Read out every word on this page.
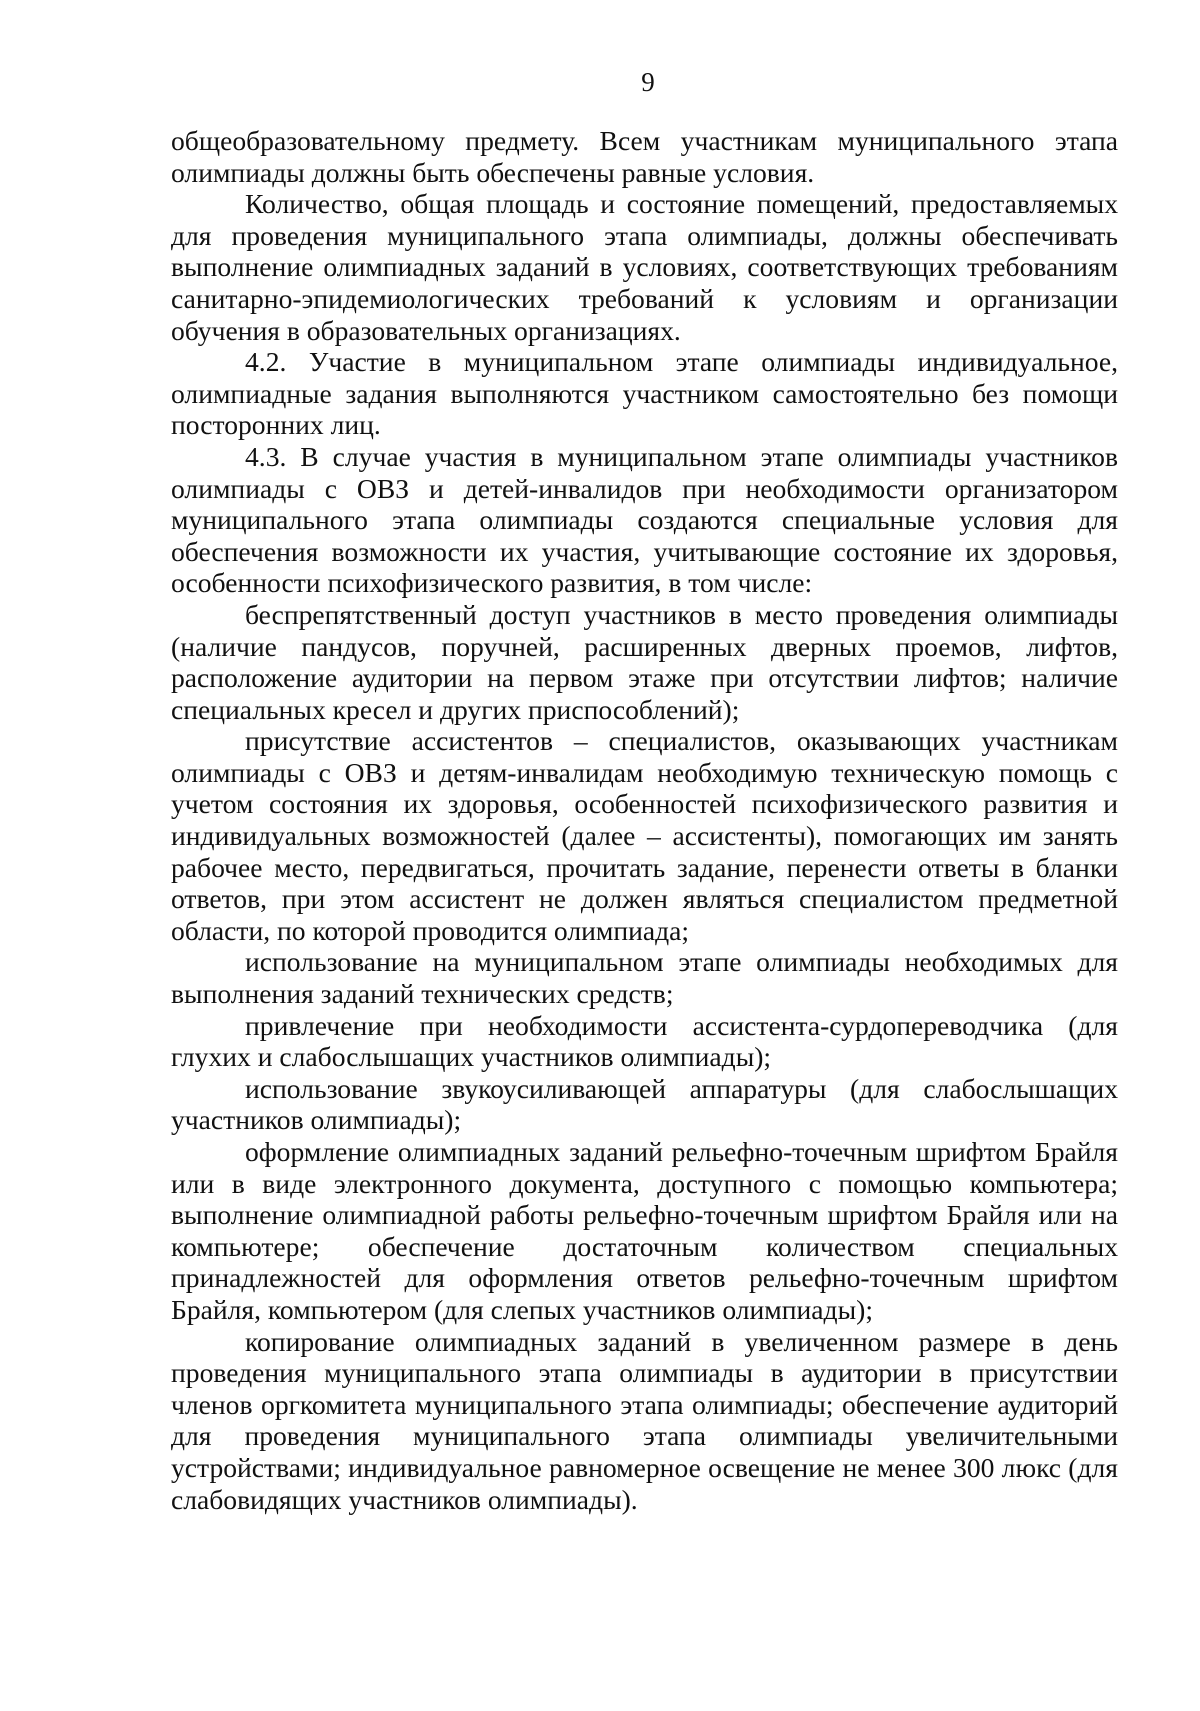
9

общеобразовательному предмету. Всем участникам муниципального этапа олимпиады должны быть обеспечены равные условия.

Количество, общая площадь и состояние помещений, предоставляемых для проведения муниципального этапа олимпиады, должны обеспечивать выполнение олимпиадных заданий в условиях, соответствующих требованиям санитарно-эпидемиологических требований к условиям и организации обучения в образовательных организациях.

4.2. Участие в муниципальном этапе олимпиады индивидуальное, олимпиадные задания выполняются участником самостоятельно без помощи посторонних лиц.

4.3. В случае участия в муниципальном этапе олимпиады участников олимпиады с ОВЗ и детей-инвалидов при необходимости организатором муниципального этапа олимпиады создаются специальные условия для обеспечения возможности их участия, учитывающие состояние их здоровья, особенности психофизического развития, в том числе:

беспрепятственный доступ участников в место проведения олимпиады (наличие пандусов, поручней, расширенных дверных проемов, лифтов, расположение аудитории на первом этаже при отсутствии лифтов; наличие специальных кресел и других приспособлений);

присутствие ассистентов – специалистов, оказывающих участникам олимпиады с ОВЗ и детям-инвалидам необходимую техническую помощь с учетом состояния их здоровья, особенностей психофизического развития и индивидуальных возможностей (далее – ассистенты), помогающих им занять рабочее место, передвигаться, прочитать задание, перенести ответы в бланки ответов, при этом ассистент не должен являться специалистом предметной области, по которой проводится олимпиада;

использование на муниципальном этапе олимпиады необходимых для выполнения заданий технических средств;

привлечение при необходимости ассистента-сурдопереводчика (для глухих и слабослышащих участников олимпиады);

использование звукоусиливающей аппаратуры (для слабослышащих участников олимпиады);

оформление олимпиадных заданий рельефно-точечным шрифтом Брайля или в виде электронного документа, доступного с помощью компьютера; выполнение олимпиадной работы рельефно-точечным шрифтом Брайля или на компьютере; обеспечение достаточным количеством специальных принадлежностей для оформления ответов рельефно-точечным шрифтом Брайля, компьютером (для слепых участников олимпиады);

копирование олимпиадных заданий в увеличенном размере в день проведения муниципального этапа олимпиады в аудитории в присутствии членов оргкомитета муниципального этапа олимпиады; обеспечение аудиторий для проведения муниципального этапа олимпиады увеличительными устройствами; индивидуальное равномерное освещение не менее 300 люкс (для слабовидящих участников олимпиады).
